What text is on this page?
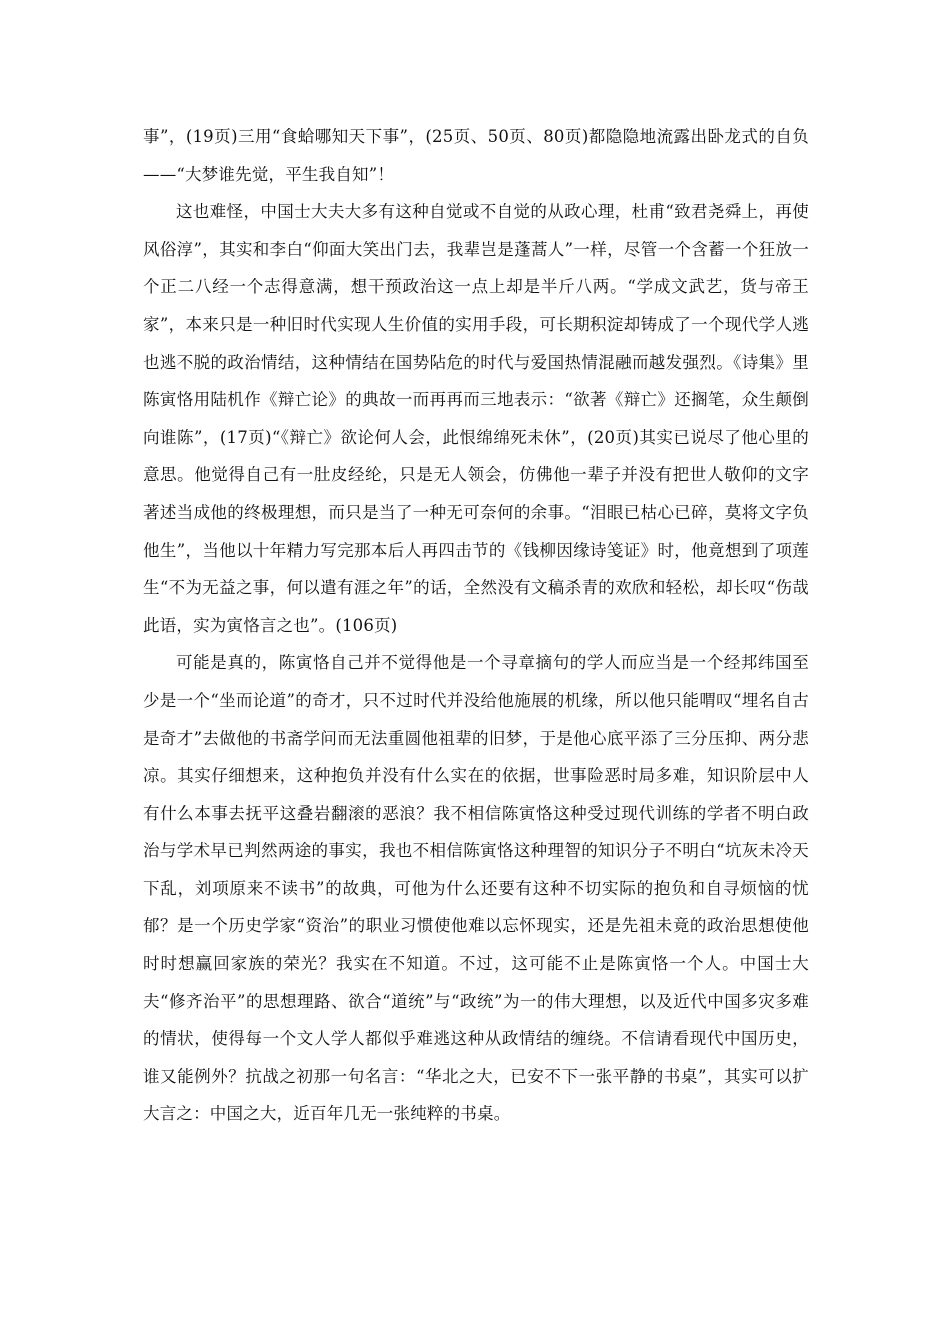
事”，(19页)三用“食蛤哪知天下事”，(25页、50页、80页)都隐隐地流露出卧龙式的自负——“大梦谁先觉，平生我自知”！

这也难怪，中国士大夫大多有这种自觉或不自觉的从政心理，杜甫“致君尧舜上，再使风俗淳”，其实和李白“仰面大笑出门去，我辈岂是蓬蒿人”一样，尽管一个含蓄一个狂放一个正二八经一个志得意满，想干预政治这一点上却是半斤八两。“学成文武艺，货与帝王家”，本来只是一种旧时代实现人生价值的实用手段，可长期积淀却铸成了一个现代学人逃也逃不脱的政治情结，这种情结在国势阽危的时代与爱国热情混融而越发强烈。《诗集》里陈寅恪用陆机作《辩亡论》的典故一而再再而三地表示：“欲著《辩亡》还搁笔，众生颠倒向谁陈”，(17页)“《辩亡》欲论何人会，此恨绵绵死未休”，(20页)其实已说尽了他心里的意思。他觉得自己有一肚皮经纶，只是无人领会，仿佛他一辈子并没有把世人敬仰的文字著述当成他的终极理想，而只是当了一种无可奈何的余事。“泪眼已枯心已碎，莫将文字负他生”，当他以十年精力写完那本后人再四击节的《钱柳因缘诗笺证》时，他竟想到了项莲生“不为无益之事，何以遣有涯之年”的话，全然没有文稿杀青的欢欣和轻松，却长叹“伤哉此语，实为寅恪言之也”。(106页)

可能是真的，陈寅恪自己并不觉得他是一个寻章摘句的学人而应当是一个经邦纬国至少是一个“坐而论道”的奇才，只不过时代并没给他施展的机缘，所以他只能喟叹“埋名自古是奇才”去做他的书斋学问而无法重圆他祖辈的旧梦，于是他心底平添了三分压抑、两分悲凉。其实仔细想来，这种抱负并没有什么实在的依据，世事险恶时局多难，知识阶层中人有什么本事去抚平这叠岩翻滚的恶浪？我不相信陈寅恪这种受过现代训练的学者不明白政治与学术早已判然两途的事实，我也不相信陈寅恪这种理智的知识分子不明白“坑灰未冷天下乱，刘项原来不读书”的故典，可他为什么还要有这种不切实际的抱负和自寻烦恼的忧郁？是一个历史学家“资治”的职业习惯使他难以忘怀现实，还是先祖未竟的政治思想使他时时想赢回家族的荣光？我实在不知道。不过，这可能不止是陈寅恪一个人。中国士大夫“修齐治平”的思想理路、欲合“道统”与“政统”为一的伟大理想，以及近代中国多灾多难的情状，使得每一个文人学人都似乎难逃这种从政情结的缠绕。不信请看现代中国历史，谁又能例外？抗战之初那一句名言：“华北之大，已安不下一张平静的书桌”，其实可以扩大言之：中国之大，近百年几无一张纯粹的书桌。
